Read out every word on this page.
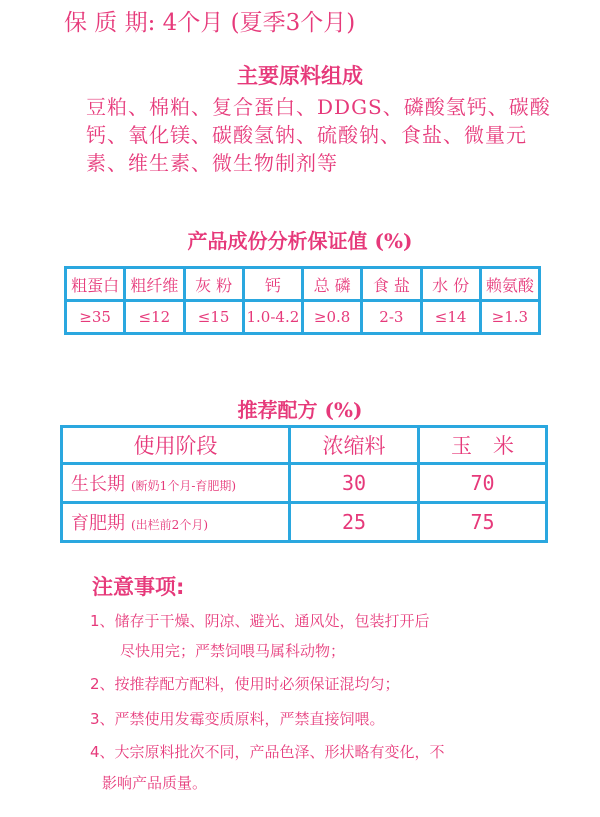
保 质 期: 4个月 (夏季3个月)
主要原料组成
豆粕、棉粕、复合蛋白、DDGS、磷酸氢钙、碳酸钙、氧化镁、碳酸氢钠、硫酸钠、食盐、微量元素、维生素、微生物制剂等
产品成份分析保证值 (%)
粗蛋白	粗纤维	灰 粉	钙	总 磷	食 盐	水 份	赖氨酸
≥35	≤12	≤15	1.0-4.2	≥0.8	2-3	≤14	≥1.3
推荐配方 (%)
使用阶段	浓缩料	玉　米
生长期 (断奶1个月-育肥期)	30	70
育肥期 (出栏前2个月)	25	75
注意事项:
1、储存于干燥、阴凉、避光、通风处，包装打开后
尽快用完；严禁饲喂马属科动物；
2、按推荐配方配料，使用时必须保证混均匀；
3、严禁使用发霉变质原料，严禁直接饲喂。
4、大宗原料批次不同，产品色泽、形状略有变化，不
影响产品质量。
